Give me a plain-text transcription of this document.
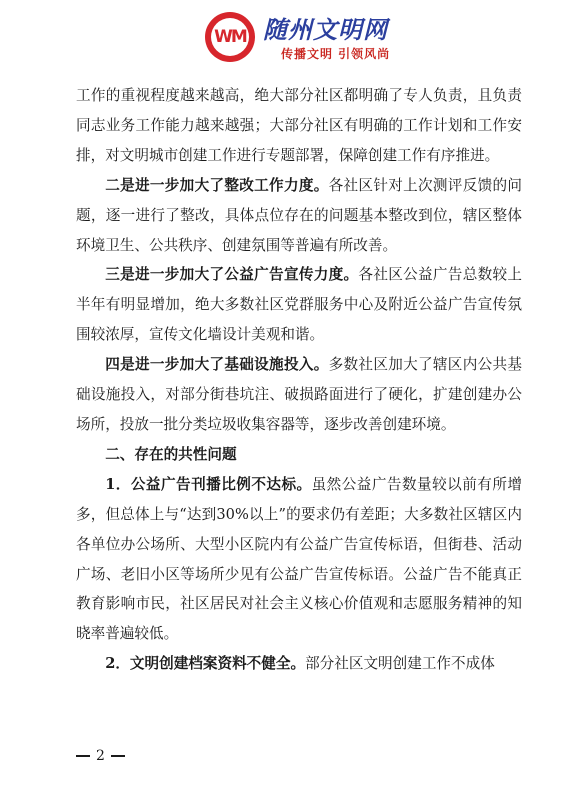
WM 随州文明网
传播文明 引领风尚

工作的重视程度越来越高，绝大部分社区都明确了专人负责，且负责同志业务工作能力越来越强；大部分社区有明确的工作计划和工作安排，对文明城市创建工作进行专题部署，保障创建工作有序推进。

二是进一步加大了整改工作力度。各社区针对上次测评反馈的问题，逐一进行了整改，具体点位存在的问题基本整改到位，辖区整体环境卫生、公共秩序、创建氛围等普遍有所改善。

三是进一步加大了公益广告宣传力度。各社区公益广告总数较上半年有明显增加，绝大多数社区党群服务中心及附近公益广告宣传氛围较浓厚，宣传文化墙设计美观和谐。

四是进一步加大了基础设施投入。多数社区加大了辖区内公共基础设施投入，对部分街巷坑注、破损路面进行了硬化，扩建创建办公场所，投放一批分类垃圾收集容器等，逐步改善创建环境。

二、存在的共性问题

1．公益广告刊播比例不达标。虽然公益广告数量较以前有所增多，但总体上与“达到30%以上”的要求仍有差距；大多数社区辖区内各单位办公场所、大型小区院内有公益广告宣传标语，但街巷、活动广场、老旧小区等场所少见有公益广告宣传标语。公益广告不能真正教育影响市民，社区居民对社会主义核心价值观和志愿服务精神的知晓率普遍较低。

2．文明创建档案资料不健全。部分社区文明创建工作不成体

2
